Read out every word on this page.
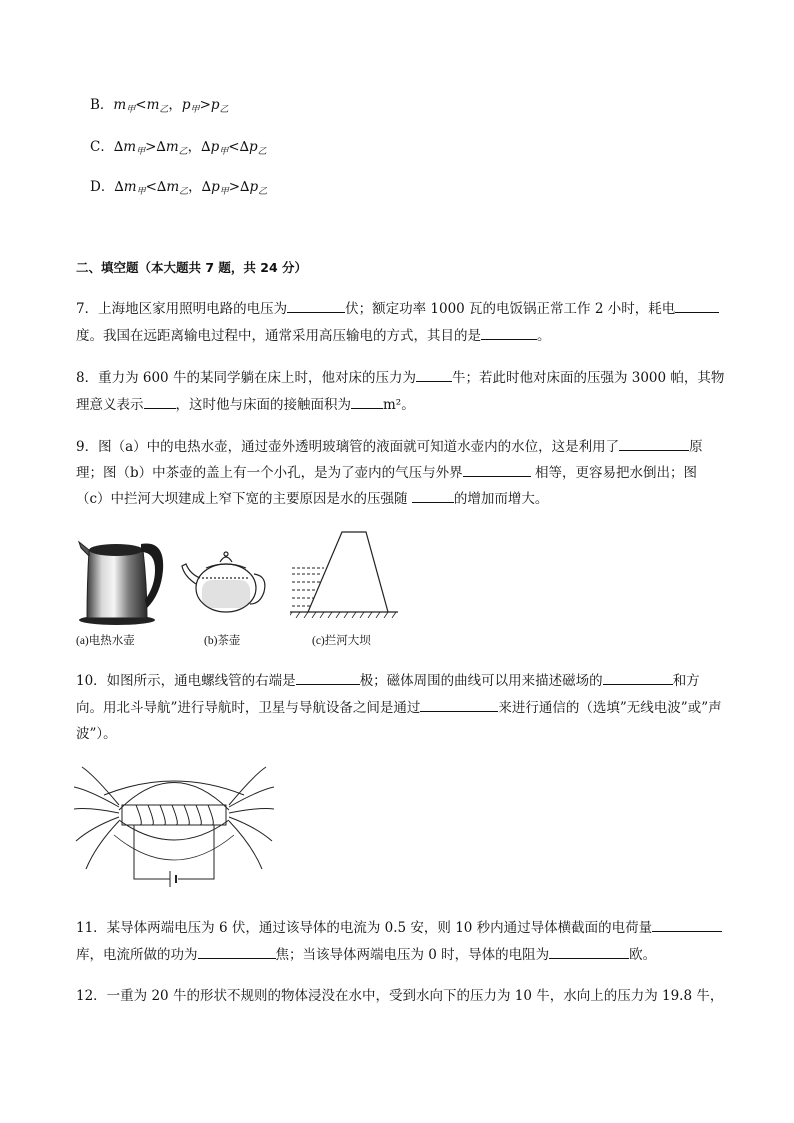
B．$m_甲<m_乙$，$p_甲>p_乙$
C．$\Delta m_甲>\Delta m_乙$，$\Delta p_甲<\Delta p_乙$
D．$\Delta m_甲<\Delta m_乙$，$\Delta p_甲>\Delta p_乙$
二、填空题（本大题共 7 题，共 24 分）
7．上海地区家用照明电路的电压为	伏；额定功率 1000 瓦的电饭锅正常工作 2 小时，耗电
度。我国在远距离输电过程中，通常采用高压输电的方式，其目的是	。
8．重力为 600 牛的某同学躺在床上时，他对床的压力为	牛；若此时他对床面的压强为 3000 帕，其物
理意义表示 ，这时他与床面的接触面积为 m²。
9．图（a）中的电热水壶，通过壶外透明玻璃管的液面就可知道水壶内的水位，这是利用了	原
理；图（b）中茶壶的盖上有一个小孔，是为了壶内的气压与外界	相等，更容易把水倒出；图
（c）中拦河大坝建成上窄下宽的主要原因是水的压强随	的增加而增大。
(a)电热水壶	(b)茶壶	(c)拦河大坝
10．如图所示，通电螺线管的右端是	极；磁体周围的曲线可以用来描述磁场的	和方
向。用北斗导航”进行导航时，卫星与导航设备之间是通过	来进行通信的（选填”无线电波”或”声
波”）。
11．某导体两端电压为 6 伏，通过该导体的电流为 0.5 安，则 10 秒内通过导体横截面的电荷量
库，电流所做的功为	焦；当该导体两端电压为 0 时，导体的电阻为	欧。
12．一重为 20 牛的形状不规则的物体浸没在水中，受到水向下的压力为 10 牛，水向上的压力为 19.8 牛，
